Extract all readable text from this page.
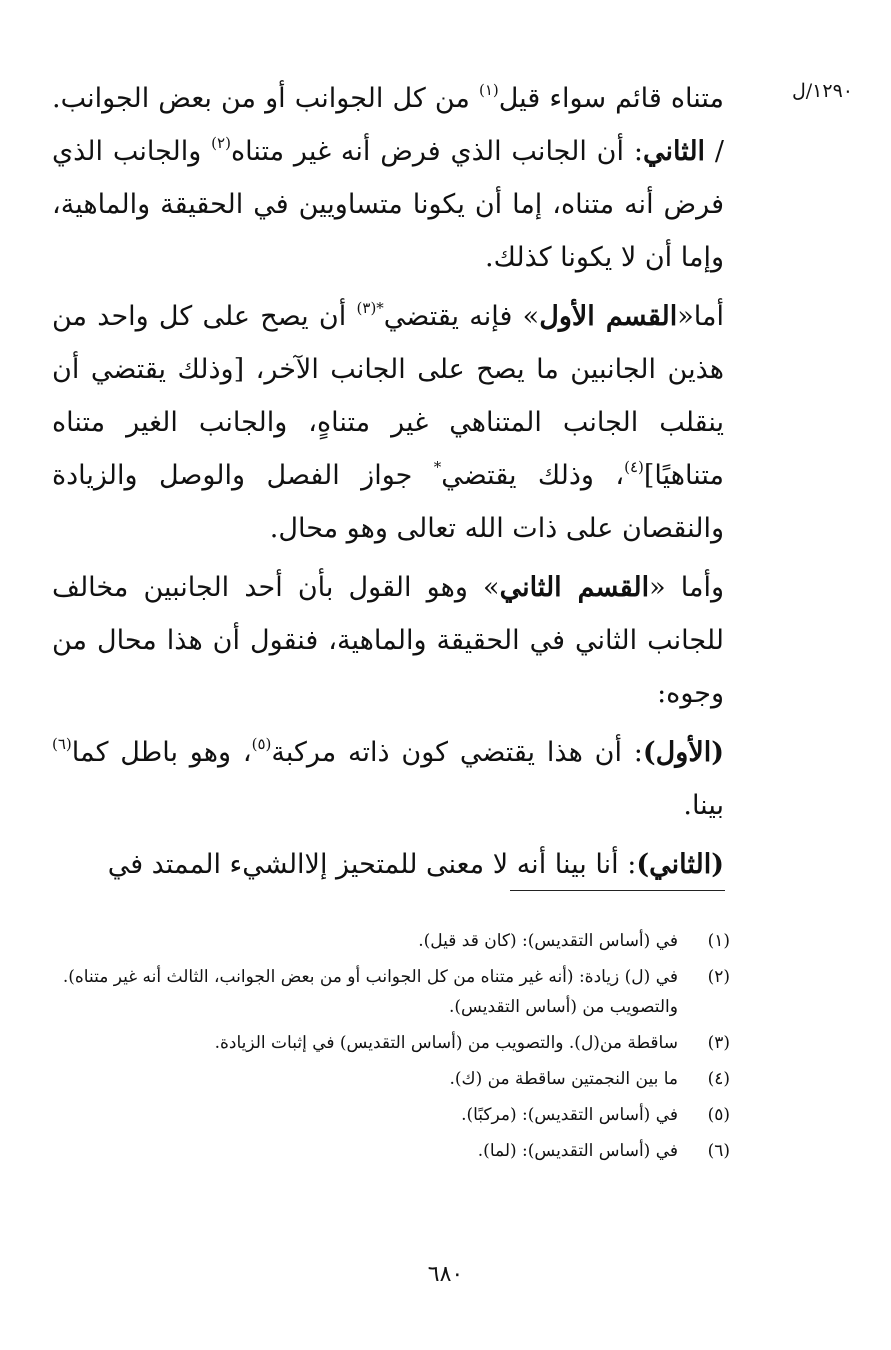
١٢٩٠/ل

متناه قائم سواء قيل$^{(١)}$ من كل الجوانب أو من بعض الجوانب. / الثاني: أن الجانب الذي فرض أنه غير متناه$^{(٢)}$ والجانب الذي فرض أنه متناه، إما أن يكونا متساويين في الحقيقة والماهية، وإما أن لا يكونا كذلك.

أما«القسم الأول» فإنه يقتضي$^{*(٣)}$ أن يصح على كل واحد من هذين الجانبين ما يصح على الجانب الآخر، [وذلك يقتضي أن ينقلب الجانب المتناهي غير متناهٍ، والجانب الغير متناه متناهيًا]$^{(٤)}$، وذلك يقتضي* جواز الفصل والوصل والزيادة والنقصان على ذات الله تعالى وهو محال.

وأما «القسم الثاني» وهو القول بأن أحد الجانبين مخالف للجانب الثاني في الحقيقة والماهية، فنقول أن هذا محال من وجوه:

(الأول): أن هذا يقتضي كون ذاته مركبة$^{(٥)}$، وهو باطل كما$^{(٦)}$ بينا.

(الثاني): أنا بينا أنه لا معنى للمتحيز إلاالشيء الممتد في

(١)
في (أساس التقديس): (كان قد قيل).
(٢)
في (ل) زيادة: (أنه غير متناه من كل الجوانب أو من بعض الجوانب، الثالث أنه غير متناه). والتصويب من (أساس التقديس).
(٣)
ساقطة من(ل). والتصويب من (أساس التقديس) في إثبات الزيادة.
(٤)
ما بين النجمتين ساقطة من (ك).
(٥)
في (أساس التقديس): (مركبًا).
(٦)
في (أساس التقديس): (لما).
٦٨٠
